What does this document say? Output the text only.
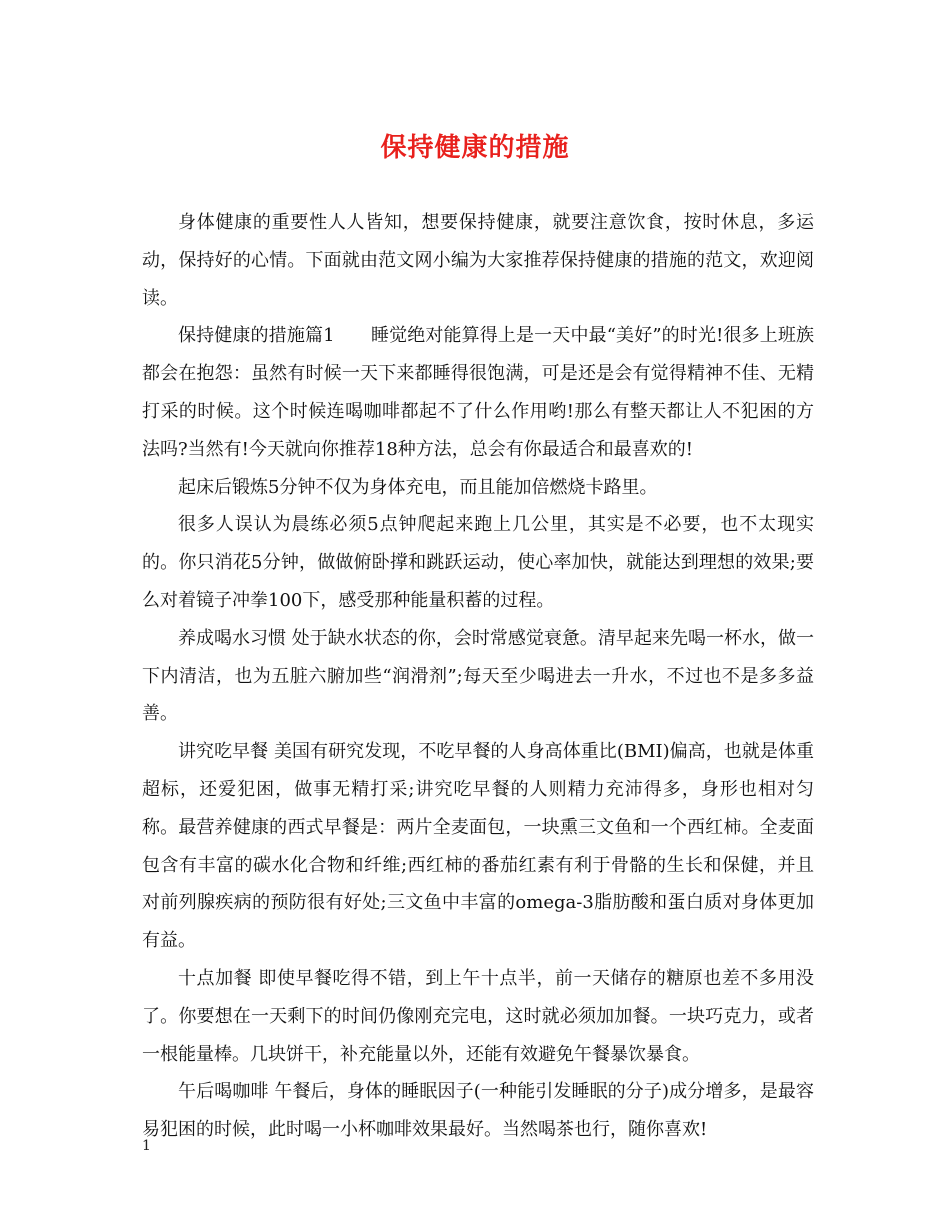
保持健康的措施

身体健康的重要性人人皆知，想要保持健康，就要注意饮食，按时休息，多运动，保持好的心情。下面就由范文网小编为大家推荐保持健康的措施的范文，欢迎阅读。

保持健康的措施篇1　　睡觉绝对能算得上是一天中最“美好”的时光!很多上班族都会在抱怨：虽然有时候一天下来都睡得很饱满，可是还是会有觉得精神不佳、无精打采的时候。这个时候连喝咖啡都起不了什么作用哟!那么有整天都让人不犯困的方法吗?当然有!今天就向你推荐18种方法，总会有你最适合和最喜欢的!

起床后锻炼5分钟不仅为身体充电，而且能加倍燃烧卡路里。

很多人误认为晨练必须5点钟爬起来跑上几公里，其实是不必要，也不太现实的。你只消花5分钟，做做俯卧撑和跳跃运动，使心率加快，就能达到理想的效果;要么对着镜子冲拳100下，感受那种能量积蓄的过程。

养成喝水习惯 处于缺水状态的你，会时常感觉衰惫。清早起来先喝一杯水，做一下内清洁，也为五脏六腑加些“润滑剂”;每天至少喝进去一升水，不过也不是多多益善。

讲究吃早餐 美国有研究发现，不吃早餐的人身高体重比(BMI)偏高，也就是体重超标，还爱犯困，做事无精打采;讲究吃早餐的人则精力充沛得多，身形也相对匀称。最营养健康的西式早餐是：两片全麦面包，一块熏三文鱼和一个西红柿。全麦面包含有丰富的碳水化合物和纤维;西红柿的番茄红素有利于骨骼的生长和保健，并且对前列腺疾病的预防很有好处;三文鱼中丰富的omega-3脂肪酸和蛋白质对身体更加有益。

十点加餐 即使早餐吃得不错，到上午十点半，前一天储存的糖原也差不多用没了。你要想在一天剩下的时间仍像刚充完电，这时就必须加加餐。一块巧克力，或者一根能量棒。几块饼干，补充能量以外，还能有效避免午餐暴饮暴食。

午后喝咖啡 午餐后，身体的睡眠因子(一种能引发睡眠的分子)成分增多，是最容易犯困的时候，此时喝一小杯咖啡效果最好。当然喝茶也行，随你喜欢!

1
